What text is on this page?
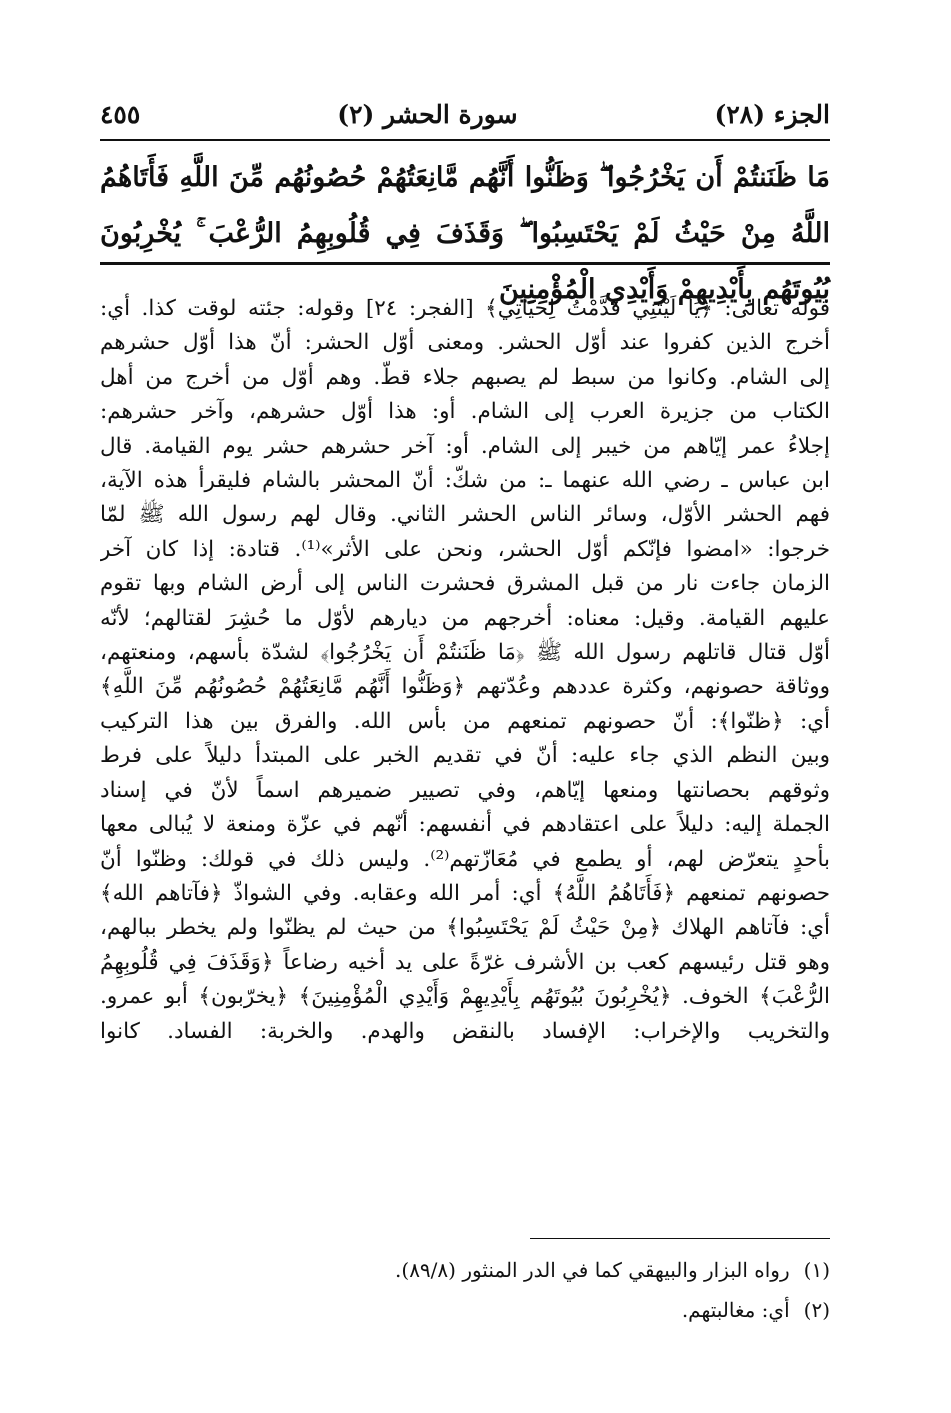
الجزء (٢٨)
سورة الحشر (٢)
٤٥٥
مَا ظَنَنتُمْ أَن يَخْرُجُوا ۖ وَظَنُّوا أَنَّهُم مَّانِعَتُهُمْ حُصُونُهُم مِّنَ اللَّهِ فَأَتَاهُمُ اللَّهُ مِنْ حَيْثُ لَمْ يَحْتَسِبُوا ۖ وَقَذَفَ فِي قُلُوبِهِمُ الرُّعْبَ ۚ يُخْرِبُونَ بُيُوتَهُم بِأَيْدِيهِمْ وَأَيْدِي الْمُؤْمِنِينَ

قوله تعالى: ﴿يَا لَيْتَنِي قَدَّمْتُ لِحَيَاتِي﴾ [الفجر: ٢٤] وقوله: جئته لوقت كذا. أي:

أخرج الذين كفروا عند أوّل الحشر. ومعنى أوّل الحشر: أنّ هذا أوّل حشرهم

إلى الشام. وكانوا من سبط لم يصبهم جلاء قطّ. وهم أوّل من أخرج من أهل

الكتاب من جزيرة العرب إلى الشام. أو: هذا أوّل حشرهم، وآخر حشرهم:

إجلاءُ عمر إيّاهم من خيبر إلى الشام. أو: آخر حشرهم حشر يوم القيامة. قال

ابن عباس ـ رضي الله عنهما ـ: من شكّ: أنّ المحشر بالشام فليقرأ هذه الآية،

فهم الحشر الأوّل، وسائر الناس الحشر الثاني. وقال لهم رسول الله ﷺ لمّا

خرجوا: «امضوا فإنّكم أوّل الحشر، ونحن على الأثر»⁽¹⁾. قتادة: إذا كان آخر

الزمان جاءت نار من قبل المشرق فحشرت الناس إلى أرض الشام وبها تقوم

عليهم القيامة. وقيل: معناه: أخرجهم من ديارهم لأوّل ما حُشِرَ لقتالهم؛ لأنّه

أوّل قتال قاتلهم رسول الله ﷺ ﴿مَا ظَنَنتُمْ أَن يَخْرُجُوا﴾ لشدّة بأسهم، ومنعتهم،

ووثاقة حصونهم، وكثرة عددهم وعُدّتهم ﴿وَظَنُّوا أَنَّهُم مَّانِعَتُهُمْ حُصُونُهُم مِّنَ اللَّهِ﴾

أي: ﴿ظنّوا﴾: أنّ حصونهم تمنعهم من بأس الله. والفرق بين هذا التركيب

وبين النظم الذي جاء عليه: أنّ في تقديم الخبر على المبتدأ دليلاً على فرط

وثوقهم بحصانتها ومنعها إيّاهم، وفي تصيير ضميرهم اسماً لأنّ في إسناد

الجملة إليه: دليلاً على اعتقادهم في أنفسهم: أنّهم في عزّة ومنعة لا يُبالى معها

بأحدٍ يتعرّض لهم، أو يطمع في مُعَازّتهم⁽²⁾. وليس ذلك في قولك: وظنّوا أنّ

حصونهم تمنعهم ﴿فَأَتَاهُمُ اللَّهُ﴾ أي: أمر الله وعقابه. وفي الشواذّ ﴿فآتاهم الله﴾

أي: فآتاهم الهلاك ﴿مِنْ حَيْثُ لَمْ يَحْتَسِبُوا﴾ من حيث لم يظنّوا ولم يخطر ببالهم،

وهو قتل رئيسهم كعب بن الأشرف غرّةً على يد أخيه رضاعاً ﴿وَقَذَفَ فِي قُلُوبِهِمُ

الرُّعْبَ﴾ الخوف. ﴿يُخْرِبُونَ بُيُوتَهُم بِأَيْدِيهِمْ وَأَيْدِي الْمُؤْمِنِينَ﴾ ﴿يخرّبون﴾ أبو عمرو.

والتخريب والإخراب: الإفساد بالنقض والهدم. والخربة: الفساد. كانوا

(١)رواه البزار والبيهقي كما في الدر المنثور (٨٩/٨).
(٢)أي: مغالبتهم.
